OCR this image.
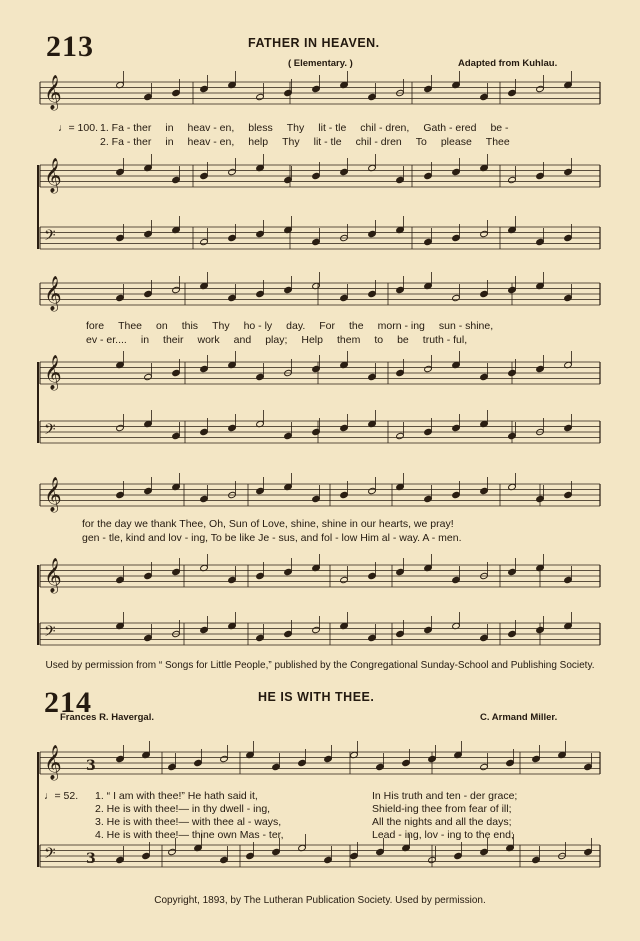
213	FATHER IN HEAVEN.
( Elementary. )	Adapted from Kuhlau.
𝄞
𝄞
𝄢
𝄞
𝄞
𝄢
𝄞
𝄞
𝄢
𝄞 3
𝄢 3
♩= 100. 1. Fa - ther in heav - en, bless Thy lit - tle chil - dren, Gath - ered be -
2. Fa - ther in heav - en, help Thy lit - tle chil - dren To please Thee
fore Thee on this Thy ho - ly day. For the morn - ing sun - shine,
ev - er.... in their work and play; Help them to be truth - ful,
for the day we thank Thee, Oh, Sun of Love, shine, shine in our hearts, we pray!
gen - tle, kind and lov - ing, To be like Je - sus, and fol - low Him al - way. A - men.
Used by permission from “ Songs for Little People,” published by the Congregational Sunday-School and Publishing Society.
214	HE IS WITH THEE.
Frances R. Havergal.	C. Armand Miller.
♩= 52. 1. “ I am with thee!” He hath said it,
2. He is with thee!— in thy dwell - ing,
3. He is with thee!— with thee al - ways,
4. He is with thee!— thine own Mas - ter,
In His truth and ten - der grace;
Shield-ing thee from fear of ill;
All the nights and all the days;
Lead - ing, lov - ing to the end;
Copyright, 1893, by The Lutheran Publication Society. Used by permission.
